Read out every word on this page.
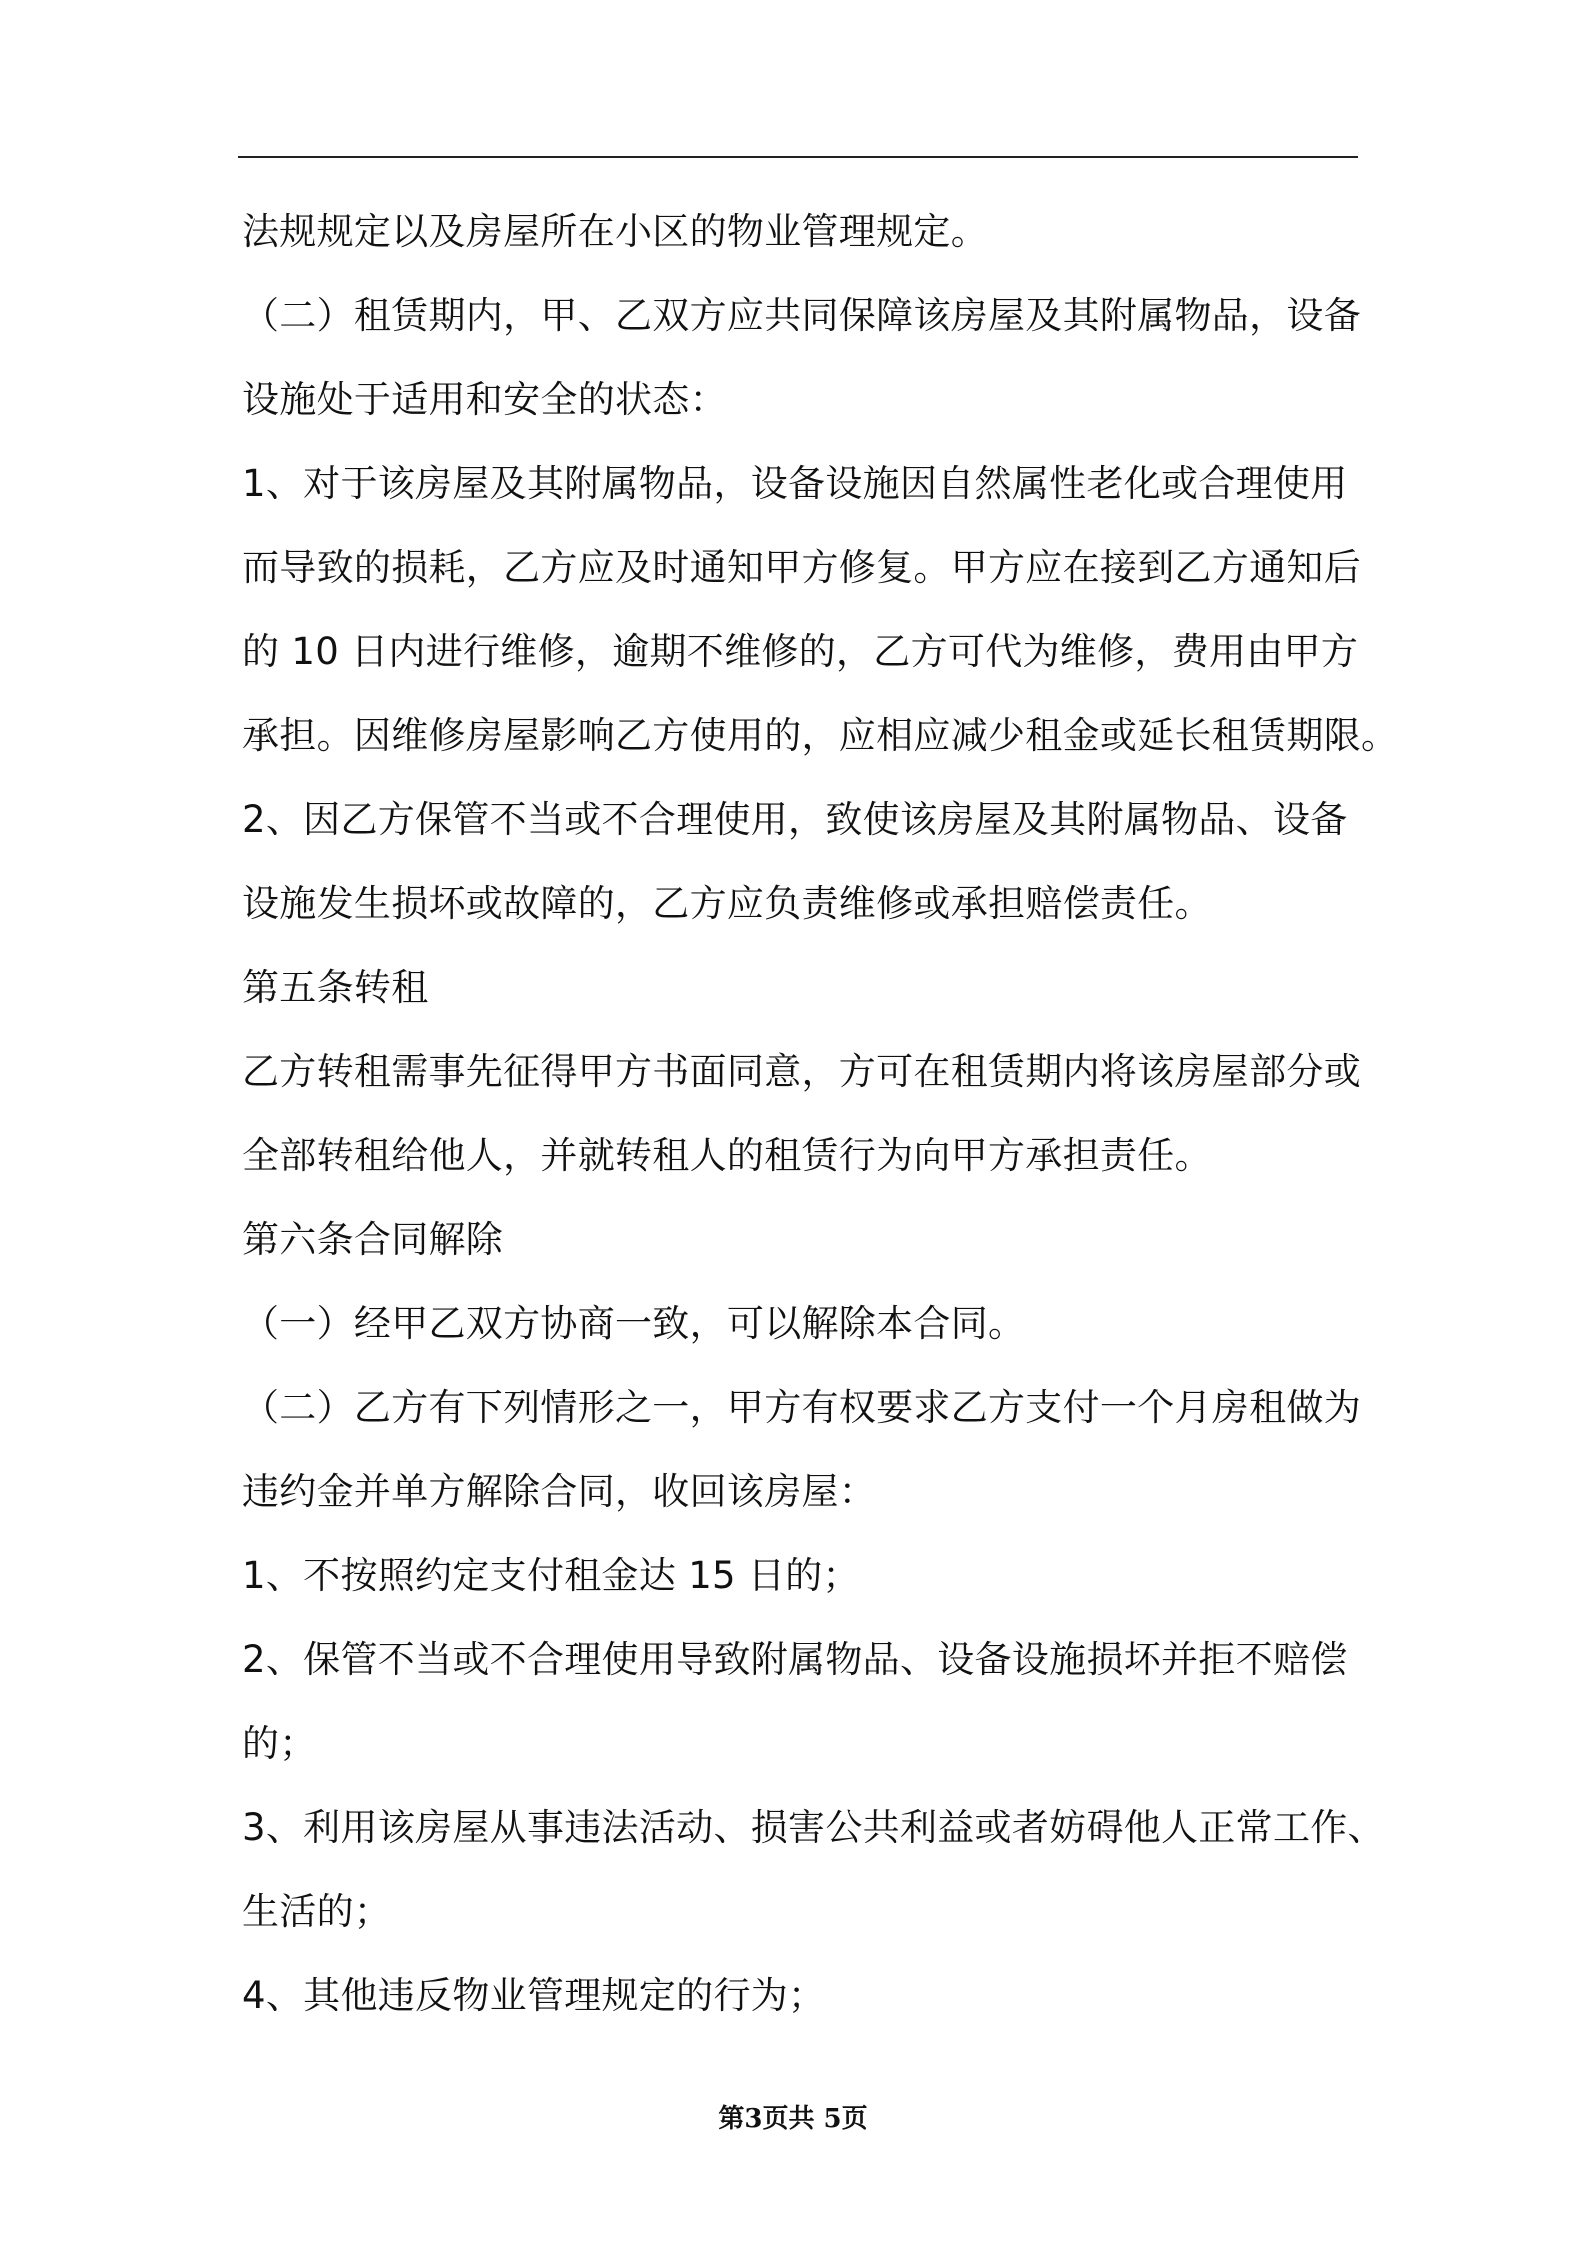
法规规定以及房屋所在小区的物业管理规定。
（二）租赁期内，甲、乙双方应共同保障该房屋及其附属物品，设备
设施处于适用和安全的状态：
1、对于该房屋及其附属物品，设备设施因自然属性老化或合理使用
而导致的损耗，乙方应及时通知甲方修复。甲方应在接到乙方通知后
的 10 日内进行维修，逾期不维修的，乙方可代为维修，费用由甲方
承担。因维修房屋影响乙方使用的，应相应减少租金或延长租赁期限。
2、因乙方保管不当或不合理使用，致使该房屋及其附属物品、设备
设施发生损坏或故障的，乙方应负责维修或承担赔偿责任。
第五条转租
乙方转租需事先征得甲方书面同意，方可在租赁期内将该房屋部分或
全部转租给他人，并就转租人的租赁行为向甲方承担责任。
第六条合同解除
（一）经甲乙双方协商一致，可以解除本合同。
（二）乙方有下列情形之一，甲方有权要求乙方支付一个月房租做为
违约金并单方解除合同，收回该房屋：
1、不按照约定支付租金达 15 日的；
2、保管不当或不合理使用导致附属物品、设备设施损坏并拒不赔偿
的；
3、利用该房屋从事违法活动、损害公共利益或者妨碍他人正常工作、
生活的；
4、其他违反物业管理规定的行为；
第3页共 5页
